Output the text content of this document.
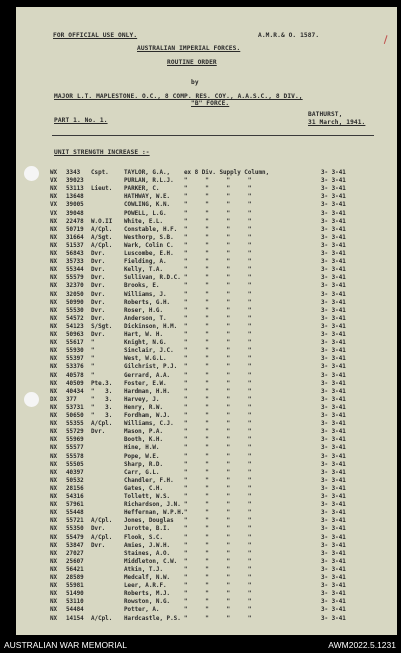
FOR OFFICIAL USE ONLY.	A.M.R.& O. 1587.
AUSTRALIAN IMPERIAL FORCES.
ROUTINE ORDER
by
MAJOR L.T. MAPLESTONE. O.C., 8 COMP. RES. COY., A.A.S.C., 8 DIV.,
"B" FORCE.
BATHURST,
PART 1. No. 1.	31 March, 1941.
UNIT STRENGTH INCREASE :-
WX 3343 Cspt.	TAYLOR, G.A., ex 8 Div. Supply Column,	3- 3-41
VX 39023	PURLAN, R.L.J. "     "     "     "	3- 3-41
NX 53113 Lieut. PARKER, C.	"     "     "     "	3- 3-41
NX 13648	HATHWAY, W.E. "     "     "     "	3- 3-41
VX 39005	COWLING, K.N. "     "     "     "	3- 3-41
VX 39048	POWELL, L.G.	"     "     "     "	3- 3-41
NX 22478 W.O.II White, E.L.	"     "     "     "	3- 3-41
NX 50719 A/Cpl. Constable, H.F. "     "     "     "	3- 3-41
NX 31664 A/Sgt. Westhorp, S.B. "     "     "     "	3- 3-41
NX 51537 A/Cpl. Wark, Colin C. "     "     "     "	3- 3-41
NX 56843 Dvr.	Luscombe, E.H. "     "     "     "	3- 3-41
NX 35733 Dvr.	Fielding, A.	"     "     "     "	3- 3-41
NX 55344 Dvr.	Kelly, T.A.	"     "     "     "	3- 3-41
NX 55579 Dvr.	Sullivan, R.D.C. "     "     "     "	3- 3-41
NX 32370 Dvr.	Brooks, E.	"     "     "     "	3- 3-41
NX 32050 Dvr.	Williams, J.	"     "     "     "	3- 3-41
NX 50990 Dvr.	Roberts, G.H. "     "     "     "	3- 3-41
NX 55530 Dvr.	Roser, H.G.	"     "     "     "	3- 3-41
NX 54572 Dvr.	Anderson, T.	"     "     "     "	3- 3-41
NX 54123 S/Sgt. Dickinson, H.M. "     "     "     "	3- 3-41
NX 50963 Dvr.	Hart, W. H.	"     "     "     "	3- 3-41
NX 55617 "	Knight, N.G.	"     "     "     "	3- 3-41
NX 55930 "	Sinclair, J.C. "     "     "     "	3- 3-41
NX 55397 "	West, W.G.L.	"     "     "     "	3- 3-41
NX 53376 "	Gilchrist, P.J. "     "     "     "	3- 3-41
NX 40578 "	Gerrard, A.A. "     "     "     "	3- 3-41
NX 40509 Pte.3. Foster, E.W.	"     "     "     "	3- 3-41
NX 40434 "   3. Hardman, H.H. "     "     "     "	3- 3-41
DX 377 "   3. Harvey, J.	"     "     "     "	3- 3-41
NX 53731 "   3. Henry, R.W.	"     "     "     "	3- 3-41
NX 50650 "   3. Fordham, W.J. "     "     "     "	3- 3-41
NX 55355 A/Cpl. Williams, C.J. "     "     "     "	3- 3-41
NX 55729 Dvr.	Mason, P.A.	"     "     "     "	3- 3-41
NX 55969	Booth, K.H.	"     "     "     "	3- 3-41
NX 55577	Hine, H.W.	"     "     "     "	3- 3-41
NX 55578	Pope, W.E.	"     "     "     "	3- 3-41
NX 55505	Sharp, R.D.	"     "     "     "	3- 3-41
NX 40397	Carr, G.L.	"     "     "     "	3- 3-41
NX 50532	Chandler, F.H. "     "     "     "	3- 3-41
NX 28156	Gates, C.H.	"     "     "     "	3- 3-41
NX 54316	Tollett, W.S. "     "     "     "	3- 3-41
NX 57961	Richardson, J.N. "     "     "     "	3- 3-41
NX 55448	Heffernan, W.P.H. "     "     "     "	3- 3-41
NX 55721 A/Cpl. Jones, Douglas "     "     "     "	3- 3-41
NX 55350 Dvr.	Jurotte, B.I. "     "     "     "	3- 3-41
NX 55479 A/Cpl. Flook, S.C.	"     "     "     "	3- 3-41
NX 53847 Dvr.	Amies, J.W.H. "     "     "     "	3- 3-41
NX 27027	Staines, A.O. "     "     "     "	3- 3-41
NX 25607	Middleton, C.W. "     "     "     "	3- 3-41
NX 56421	Atkin, T.J.	"     "     "     "	3- 3-41
NX 28589	Medcalf, N.W. "     "     "     "	3- 3-41
NX 55981	Leer, A.R.F.	"     "     "     "	3- 3-41
NX 51490	Roberts, M.J. "     "     "     "	3- 3-41
NX 53110	Rowston, N.G. "     "     "     "	3- 3-41
NX 54484	Potter, A.	"     "     "     "	3- 3-41
NX 14154 A/Cpl. Hardcastle, P.S. "     "     "     "	3- 3-41
AUSTRALIAN WAR MEMORIAL	AWM2022.5.1231
